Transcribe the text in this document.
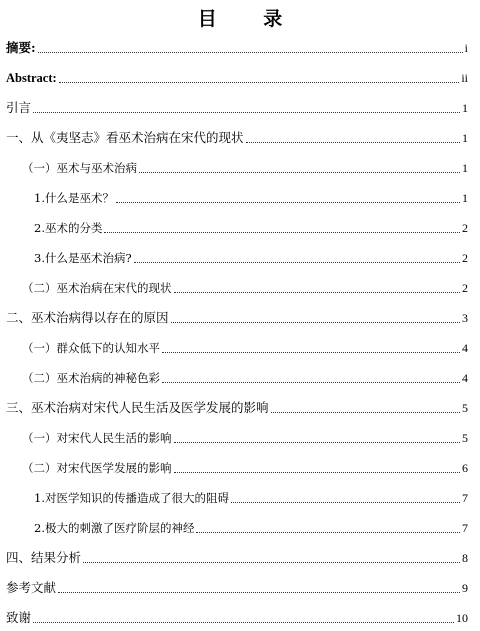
目 录
摘要:	i
Abstract:	ii
引言	1
一、从《夷坚志》看巫术治病在宋代的现状	1
（一）巫术与巫术治病	1
1.什么是巫术？	1
2.巫术的分类	2
3.什么是巫术治病?	2
（二）巫术治病在宋代的现状	2
二、巫术治病得以存在的原因	3
（一）群众低下的认知水平	4
（二）巫术治病的神秘色彩	4
三、巫术治病对宋代人民生活及医学发展的影响	5
（一）对宋代人民生活的影响	5
（二）对宋代医学发展的影响	6
1.对医学知识的传播造成了很大的阻碍	7
2.极大的刺激了医疗阶层的神经	7
四、结果分析	8
参考文献	9
致谢	10
